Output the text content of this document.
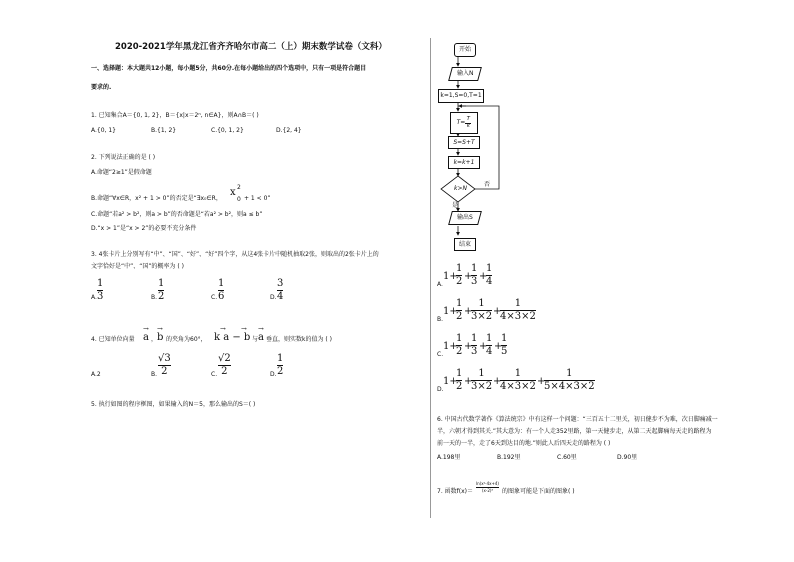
2020-2021学年黑龙江省齐齐哈尔市高二（上）期末数学试卷（文科）
一、选择题：本大题共12小题，每小题5分，共60分.在每小题给出的四个选项中，只有一项是符合题目
要求的.
1. 已知集合A＝{0, 1, 2}，B＝{x|x＝2ⁿ, n∈A}，则A∩B＝( )
A.{0, 1}	B.{1, 2}	C.{0, 1, 2}	D.{2, 4}
2. 下列说法正确的是 ( )
A.命题“2≥1”是假命题
B.命题“∀x∈R，x² + 1 > 0”的否定是“∃x₀∈R，
x 2
0 + 1 < 0”
C.命题“若a² > b²，则a > b”的否命题是“若a² > b²，则a ≤ b”
D.“x > 1”是“x > 2”的必要不充分条件
3. 4张卡片上分别写有“中”、“国”、“好”、“好”四个字，从这4张卡片中随机抽取2张，则取出的2张卡片上的
文字恰好是“中”、“国”的概率为 ( )
A.
1
3	B.
1
2	C.
1
6	D.
3
4
4. 已知单位向量
→
a ，
→
b 的夹角为60°，
→ →
k a − b 与
→
a 垂直，则实数k的值为 ( )
A.2	B.
√3
2	C.
√2
2	D.
1
2
5. 执行如图的程序框图，如果输入的N＝5，那么输出的S＝( )
开始
输入N
k=1,S=0,T=1
T= T
k
S=S+T
k=k+1
k>N
否
是
输出S
结束
A.
1+
1
2 +
1
3 +
1
4
B.
1+
1
2 +
1
3×2 +
1
4×3×2
C.
1+
1
2 +
1
3 +
1
4 +
1
5
D.
1+
1
2 +
1
3×2 +
1
4×3×2 +
1
5×4×3×2
6. 中国古代数学著作《算法统宗》中有这样一个问题：“三百五十二里关，初日健步不为难，次日脚痛减一
半，六朝才得到其关.”其大意为：有一个人走352里路，第一天健步走，从第二天起脚痛每天走的路程为
前一天的一半，走了6天到达目的地.”则此人后四天走的路程为 ( )
A.198里	B.192里	C.60里	D.90里
7. 函数f(x)＝
ln(x²-4x+4)
(x-2)³ 的图象可能是下面的图象( )
